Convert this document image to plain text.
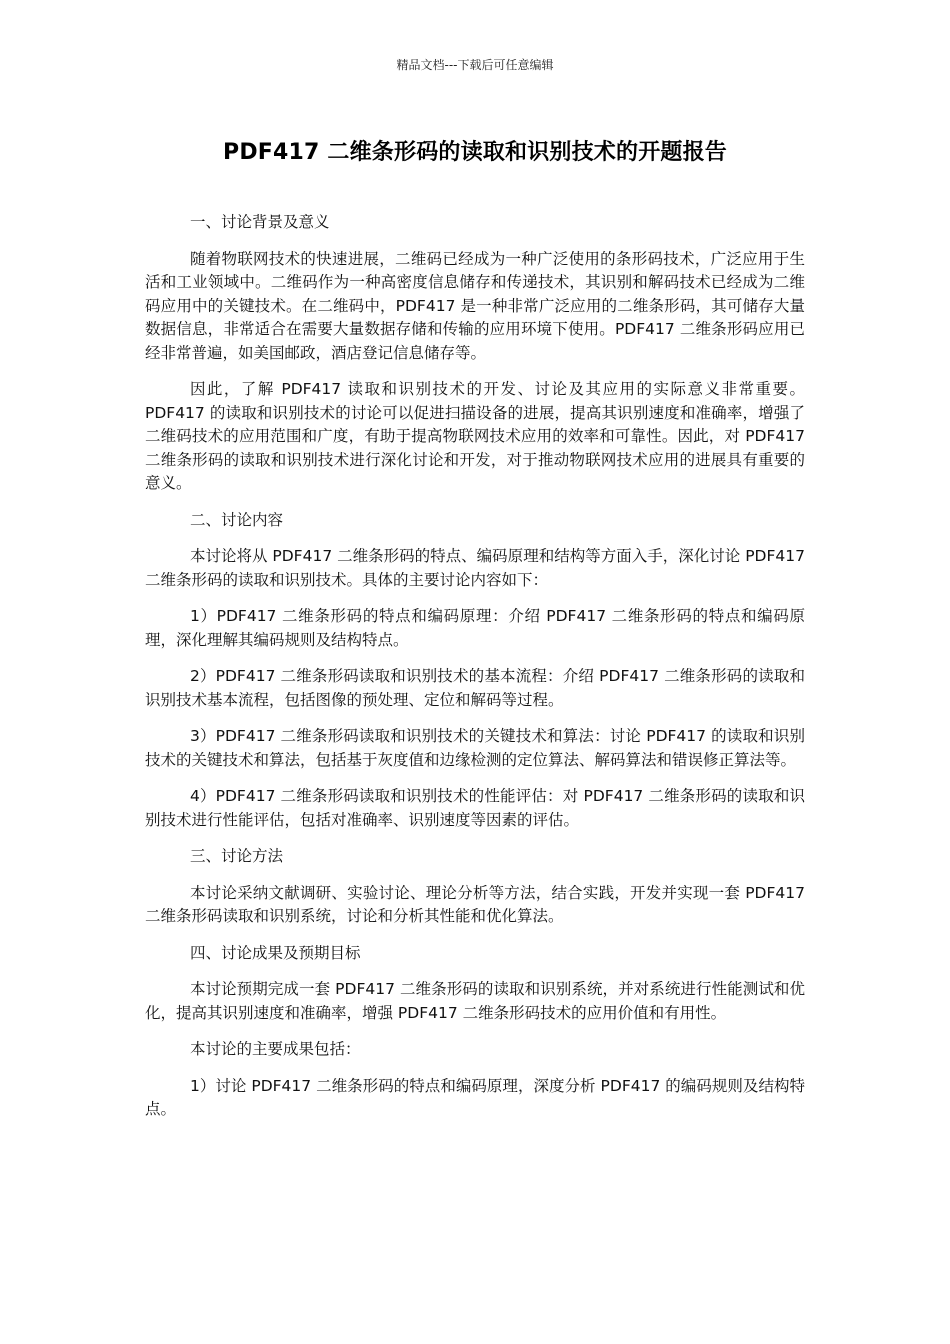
精品文档---下载后可任意编辑
PDF417 二维条形码的读取和识别技术的开题报告

一、讨论背景及意义

随着物联网技术的快速进展，二维码已经成为一种广泛使用的条形码技术，广泛应用于生活和工业领域中。二维码作为一种高密度信息储存和传递技术，其识别和解码技术已经成为二维码应用中的关键技术。在二维码中，PDF417 是一种非常广泛应用的二维条形码，其可储存大量数据信息，非常适合在需要大量数据存储和传输的应用环境下使用。PDF417 二维条形码应用已经非常普遍，如美国邮政，酒店登记信息储存等。

因此，了解 PDF417 读取和识别技术的开发、讨论及其应用的实际意义非常重要。PDF417 的读取和识别技术的讨论可以促进扫描设备的进展，提高其识别速度和准确率，增强了二维码技术的应用范围和广度，有助于提高物联网技术应用的效率和可靠性。因此，对 PDF417 二维条形码的读取和识别技术进行深化讨论和开发，对于推动物联网技术应用的进展具有重要的意义。

二、讨论内容

本讨论将从 PDF417 二维条形码的特点、编码原理和结构等方面入手，深化讨论 PDF417 二维条形码的读取和识别技术。具体的主要讨论内容如下：

1）PDF417 二维条形码的特点和编码原理：介绍 PDF417 二维条形码的特点和编码原理，深化理解其编码规则及结构特点。

2）PDF417 二维条形码读取和识别技术的基本流程：介绍 PDF417 二维条形码的读取和识别技术基本流程，包括图像的预处理、定位和解码等过程。

3）PDF417 二维条形码读取和识别技术的关键技术和算法：讨论 PDF417 的读取和识别技术的关键技术和算法，包括基于灰度值和边缘检测的定位算法、解码算法和错误修正算法等。

4）PDF417 二维条形码读取和识别技术的性能评估：对 PDF417 二维条形码的读取和识别技术进行性能评估，包括对准确率、识别速度等因素的评估。

三、讨论方法

本讨论采纳文献调研、实验讨论、理论分析等方法，结合实践，开发并实现一套 PDF417 二维条形码读取和识别系统，讨论和分析其性能和优化算法。

四、讨论成果及预期目标

本讨论预期完成一套 PDF417 二维条形码的读取和识别系统，并对系统进行性能测试和优化，提高其识别速度和准确率，增强 PDF417 二维条形码技术的应用价值和有用性。

本讨论的主要成果包括：

1）讨论 PDF417 二维条形码的特点和编码原理，深度分析 PDF417 的编码规则及结构特点。
